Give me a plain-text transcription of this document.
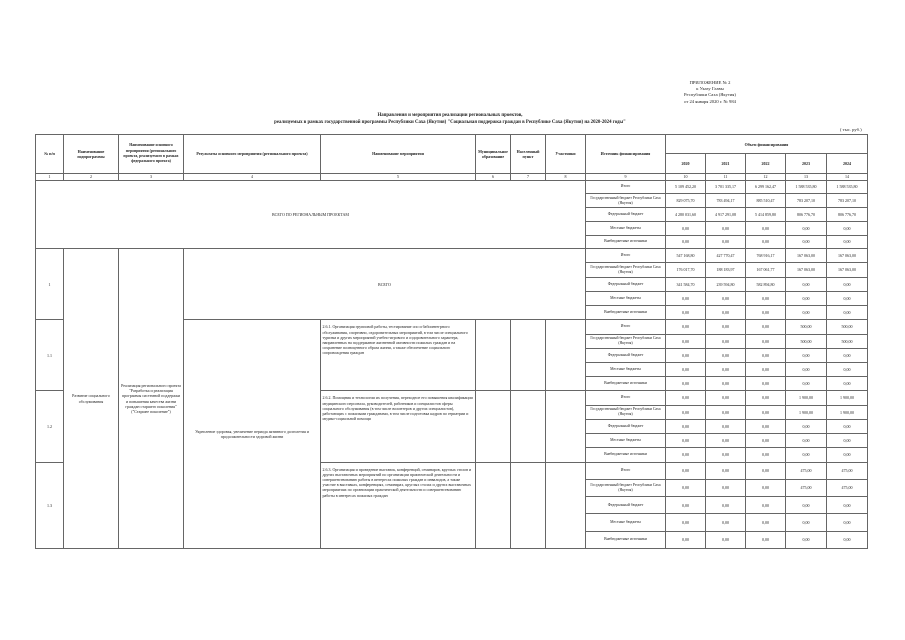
ПРИЛОЖЕНИЕ № 2
к Указу Главы
Республики Саха (Якутия)
от 24 января 2020 г. № 984
Направления и мероприятия реализации региональных проектов,
реализуемых в рамках государственной программы Республики Саха (Якутия) "Социальная поддержка граждан в Республике Саха (Якутия) на 2020-2024 годы"
( тыс. руб.)
№ п/п	Наименование подпрограммы	Наименование основного мероприятия (регионального проекта, реализуемого в рамках федерального проекта)	Результаты основного мероприятия (регионального проекта)	Наименование мероприятия	Муниципальное образование	Населенный пункт	Участники	Источник финансирования	Объем финансирования				
									2020	2021	2022	2023	2024
1	2	3	4	5	6	7	8	9	10	11	12	13	14
ВСЕГО ПО РЕГИОНАЛЬНЫМ ПРОЕКТАМ								Итого	5 109 452,20	3 701 335,17	6 299 162,47	1 588 535,80	1 588 535,80
								Государственный бюджет Республики Саха (Якутия)	829 075,70	783 494,17	885 510,47	783 207,10	783 207,10
								Федеральный бюджет	4 280 031,60	4 917 291,08	5 414 859,80	806 776,70	806 776,70
								Местные бюджеты	0,00	0,00	0,00	0,00	0,00
								Внебюджетные источники	0,00	0,00	0,00	0,00	0,00
1	Развитие социального обслуживания	Реализация регионального проекта "Разработка и реализация программы системной поддержки и повышения качества жизни граждан старшего поколения" ("Старшее поколение")	ВСЕГО					Итого	547 168,80	427 770,47	768 916,17	167 063,00	167 063,00
								Государственный бюджет Республики Саха (Якутия)	176 017,70	188 183,97	167 061,77	167 063,00	167 063,00
								Федеральный бюджет	341 584,70	239 594,80	582 894,80	0,00	0,00
								Местные бюджеты	0,00	0,00	0,00	0,00	0,00
								Внебюджетные источники	0,00	0,00	0,00	0,00	0,00
1.1			Укрепление здоровья, увеличение периода активного долголетия и продолжительности здоровой жизни	2.6.1. Организация групповой работы, тестирование спо и бабоинтегрного обслуживания, спортивно, оздоровительных мероприятий, в том числе специального туризма и других мероприятий учебно-игрового и оздоровительного характера, направленных на поддержание жизненной активности пожилых граждан и на сохранение полноценного образа жизни, а также обеспечение социального сопровождения граждан				Итого	0,00	0,00	0,00	500,00	500,00
								Государственный бюджет Республики Саха (Якутия)	0,00	0,00	0,00	500,00	500,00
								Федеральный бюджет	0,00	0,00	0,00	0,00	0,00
								Местные бюджеты	0,00	0,00	0,00	0,00	0,00
								Внебюджетные источники	0,00	0,00	0,00	0,00	0,00
1.2				2.6.2. Помощник и технологии их получения, переходное его повышения квалификации медицинского персонала, руководителей, работников и специалистов сферы социального обслуживания (в том числе волонтеров и других специалистов), работающих с пожилыми гражданами, в том числе подготовка кадров по гериатрии и медико-социальной помощи				Итого	0,00	0,00	0,00	1 900,00	1 900,00
								Государственный бюджет Республики Саха (Якутия)	0,00	0,00	0,00	1 900,00	1 900,00
								Федеральный бюджет	0,00	0,00	0,00	0,00	0,00
								Местные бюджеты	0,00	0,00	0,00	0,00	0,00
								Внебюджетные источники	0,00	0,00	0,00	0,00	0,00
1.3				2.6.3. Организация и проведение выставок, конференций, семинаров, круглых столов и других выставочных мероприятий по организации практической деятельности и совершенствованию работы в интересах пожилых граждан и инвалидов, а также участие в выставках, конференциях, семинарах, круглых столах и других выставочных мероприятиях по организации практической деятельности и совершенствованию работы в интересах пожилых граждан				Итого	0,00	0,00	0,00	475,00	475,00
								Государственный бюджет Республики Саха (Якутия)	0,00	0,00	0,00	475,00	475,00
								Федеральный бюджет	0,00	0,00	0,00	0,00	0,00
								Местные бюджеты	0,00	0,00	0,00	0,00	0,00
								Внебюджетные источники	0,00	0,00	0,00	0,00	0,00
